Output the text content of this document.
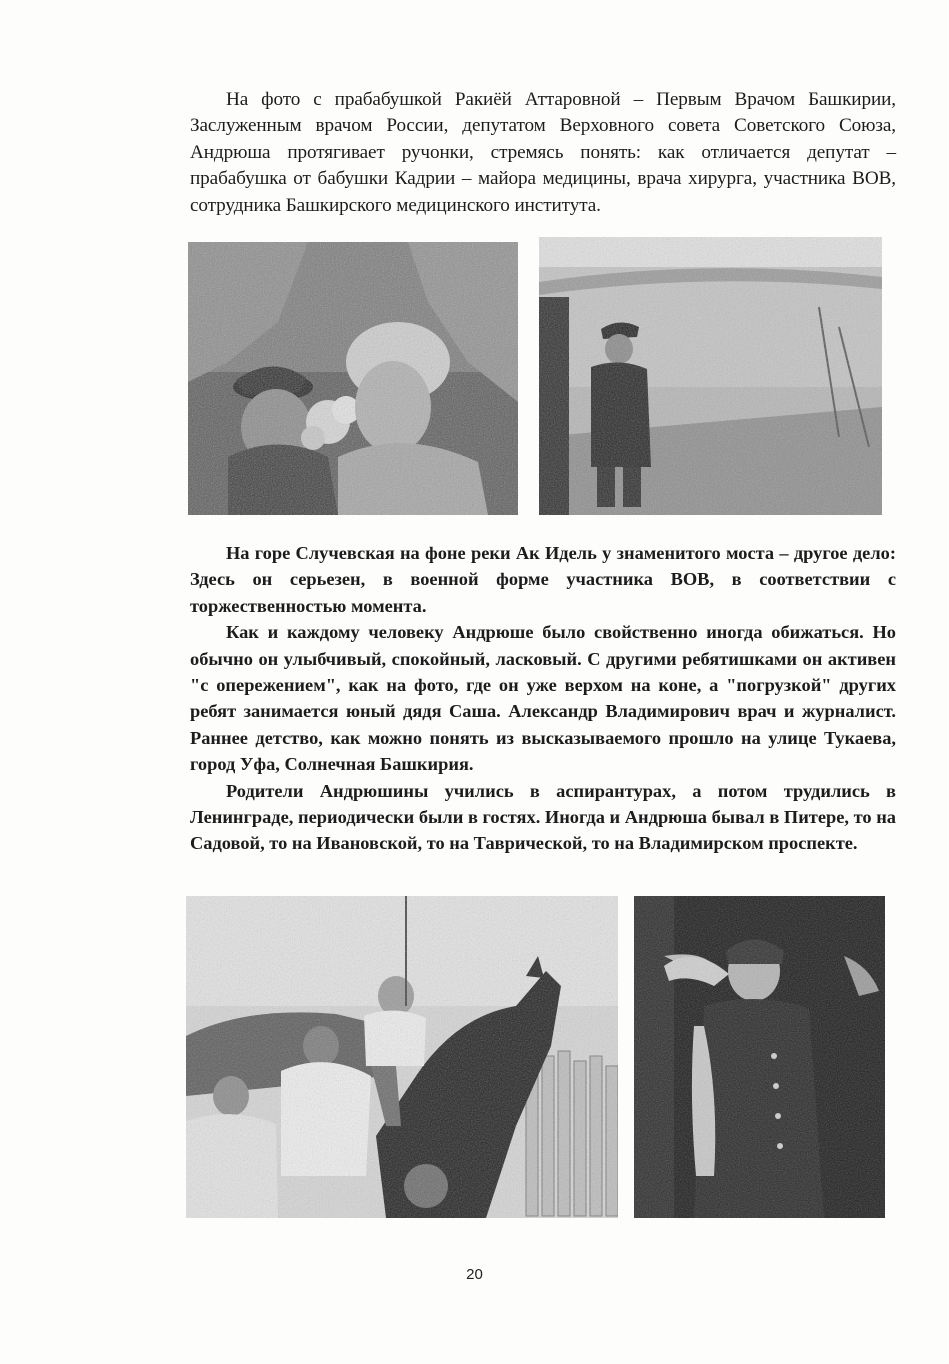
На фото с прабабушкой Ракиёй Аттаровной – Первым Врачом Башкирии, Заслуженным врачом России, депутатом Верховного совета Советского Союза, Андрюша протягивает ручонки, стремясь понять: как отличается депутат – прабабушка от бабушки Кадрии – майора медицины, врача хирурга, участника ВОВ, сотрудника Башкирского медицинского института.

На горе Случевская на фоне реки Ак Идель у знаменитого моста – другое дело: Здесь он серьезен, в военной форме участника ВОВ, в соответствии с торжественностью момента.

Как и каждому человеку Андрюше было свойственно иногда обижаться. Но обычно он улыбчивый, спокойный, ласковый. С другими ребятишками он активен "с опережением", как на фото, где он уже верхом на коне, а "погрузкой" других ребят занимается юный дядя Саша. Александр Владимирович врач и журналист. Раннее детство, как можно понять из высказываемого прошло на улице Тукаева, город Уфа, Солнечная Башкирия.

Родители Андрюшины учились в аспирантурах, а потом трудились в Ленинграде, периодически были в гостях. Иногда и Андрюша бывал в Питере, то на Садовой, то на Ивановской, то на Таврической, то на Владимирском проспекте.

20
